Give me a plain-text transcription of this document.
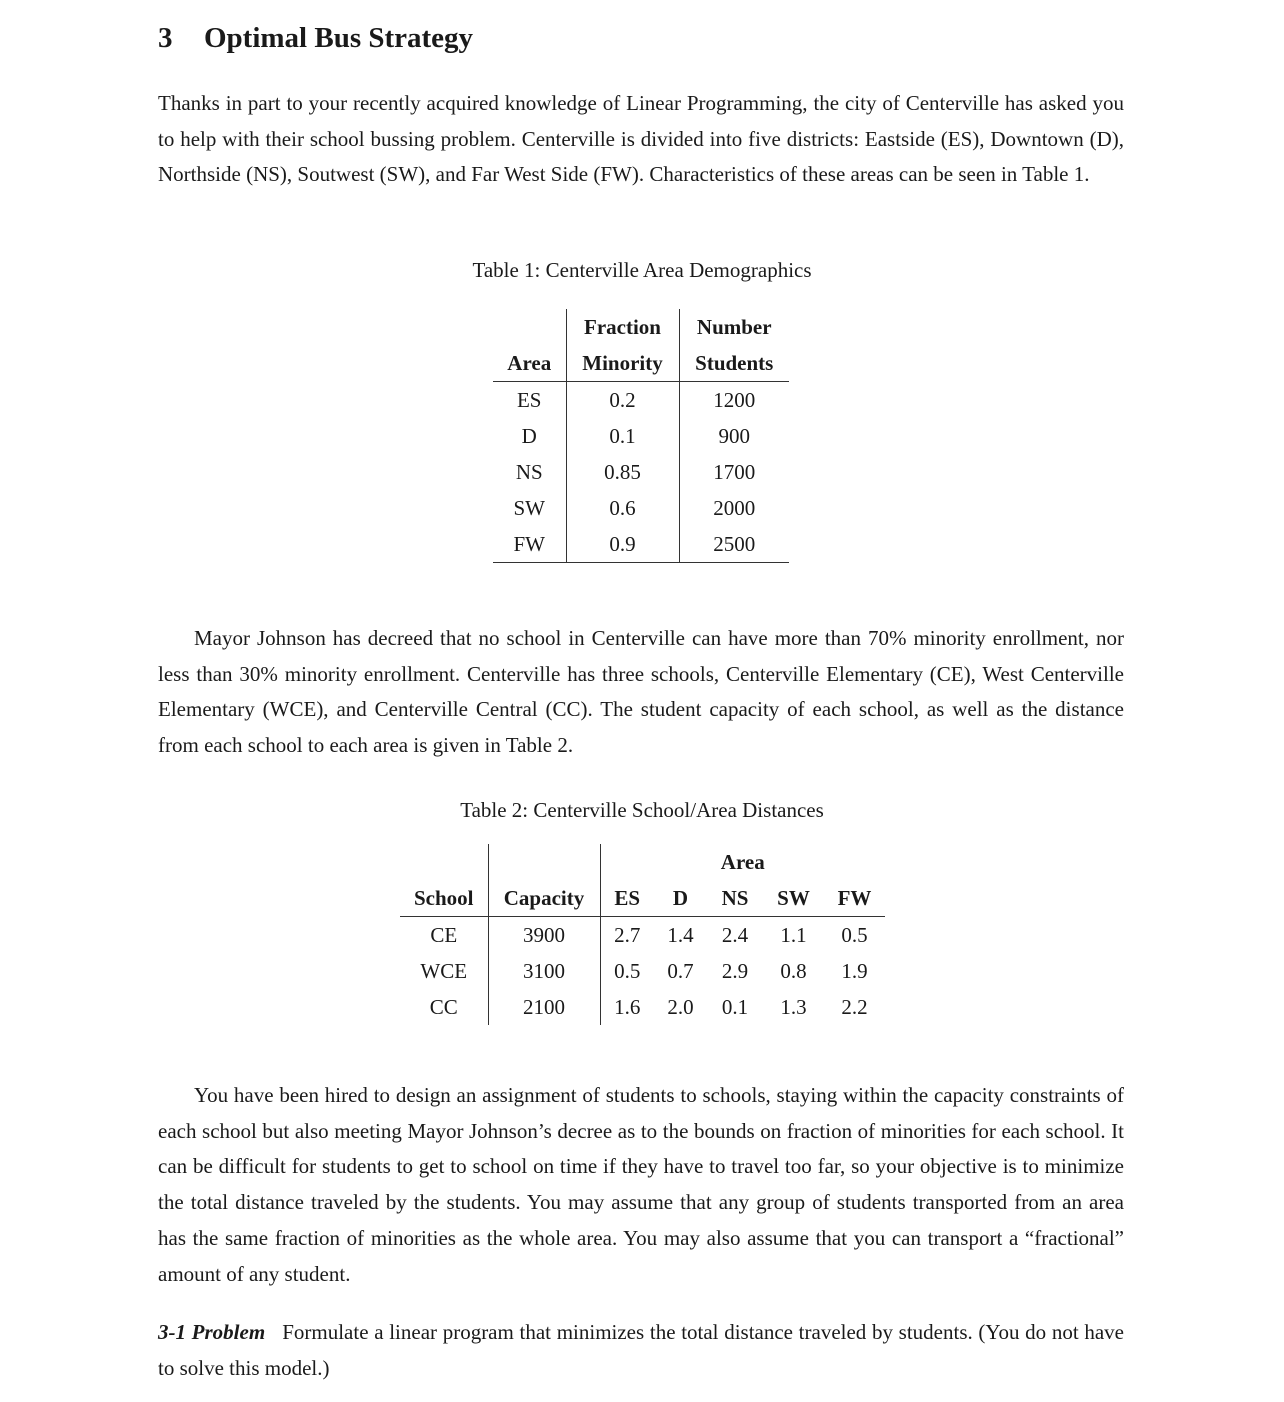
3 Optimal Bus Strategy

Thanks in part to your recently acquired knowledge of Linear Programming, the city of Centerville has asked you to help with their school bussing problem. Centerville is divided into five districts: Eastside (ES), Downtown (D), Northside (NS), Soutwest (SW), and Far West Side (FW). Characteristics of these areas can be seen in Table 1.

Table 1: Centerville Area Demographics

	Fraction	Number
Area	Minority	Students
ES	0.2	1200
D	0.1	900
NS	0.85	1700
SW	0.6	2000
FW	0.9	2500

Mayor Johnson has decreed that no school in Centerville can have more than 70% minority enrollment, nor less than 30% minority enrollment. Centerville has three schools, Centerville Elementary (CE), West Centerville Elementary (WCE), and Centerville Central (CC). The student capacity of each school, as well as the distance from each school to each area is given in Table 2.

Table 2: Centerville School/Area Distances

		Area				
School	Capacity	ES	D	NS	SW	FW
CE	3900	2.7	1.4	2.4	1.1	0.5
WCE	3100	0.5	0.7	2.9	0.8	1.9
CC	2100	1.6	2.0	0.1	1.3	2.2

You have been hired to design an assignment of students to schools, staying within the capacity constraints of each school but also meeting Mayor Johnson’s decree as to the bounds on fraction of minorities for each school. It can be difficult for students to get to school on time if they have to travel too far, so your objective is to minimize the total distance traveled by the students. You may assume that any group of students transported from an area has the same fraction of minorities as the whole area. You may also assume that you can transport a “fractional” amount of any student.

3-1 Problem Formulate a linear program that minimizes the total distance traveled by students. (You do not have to solve this model.)
